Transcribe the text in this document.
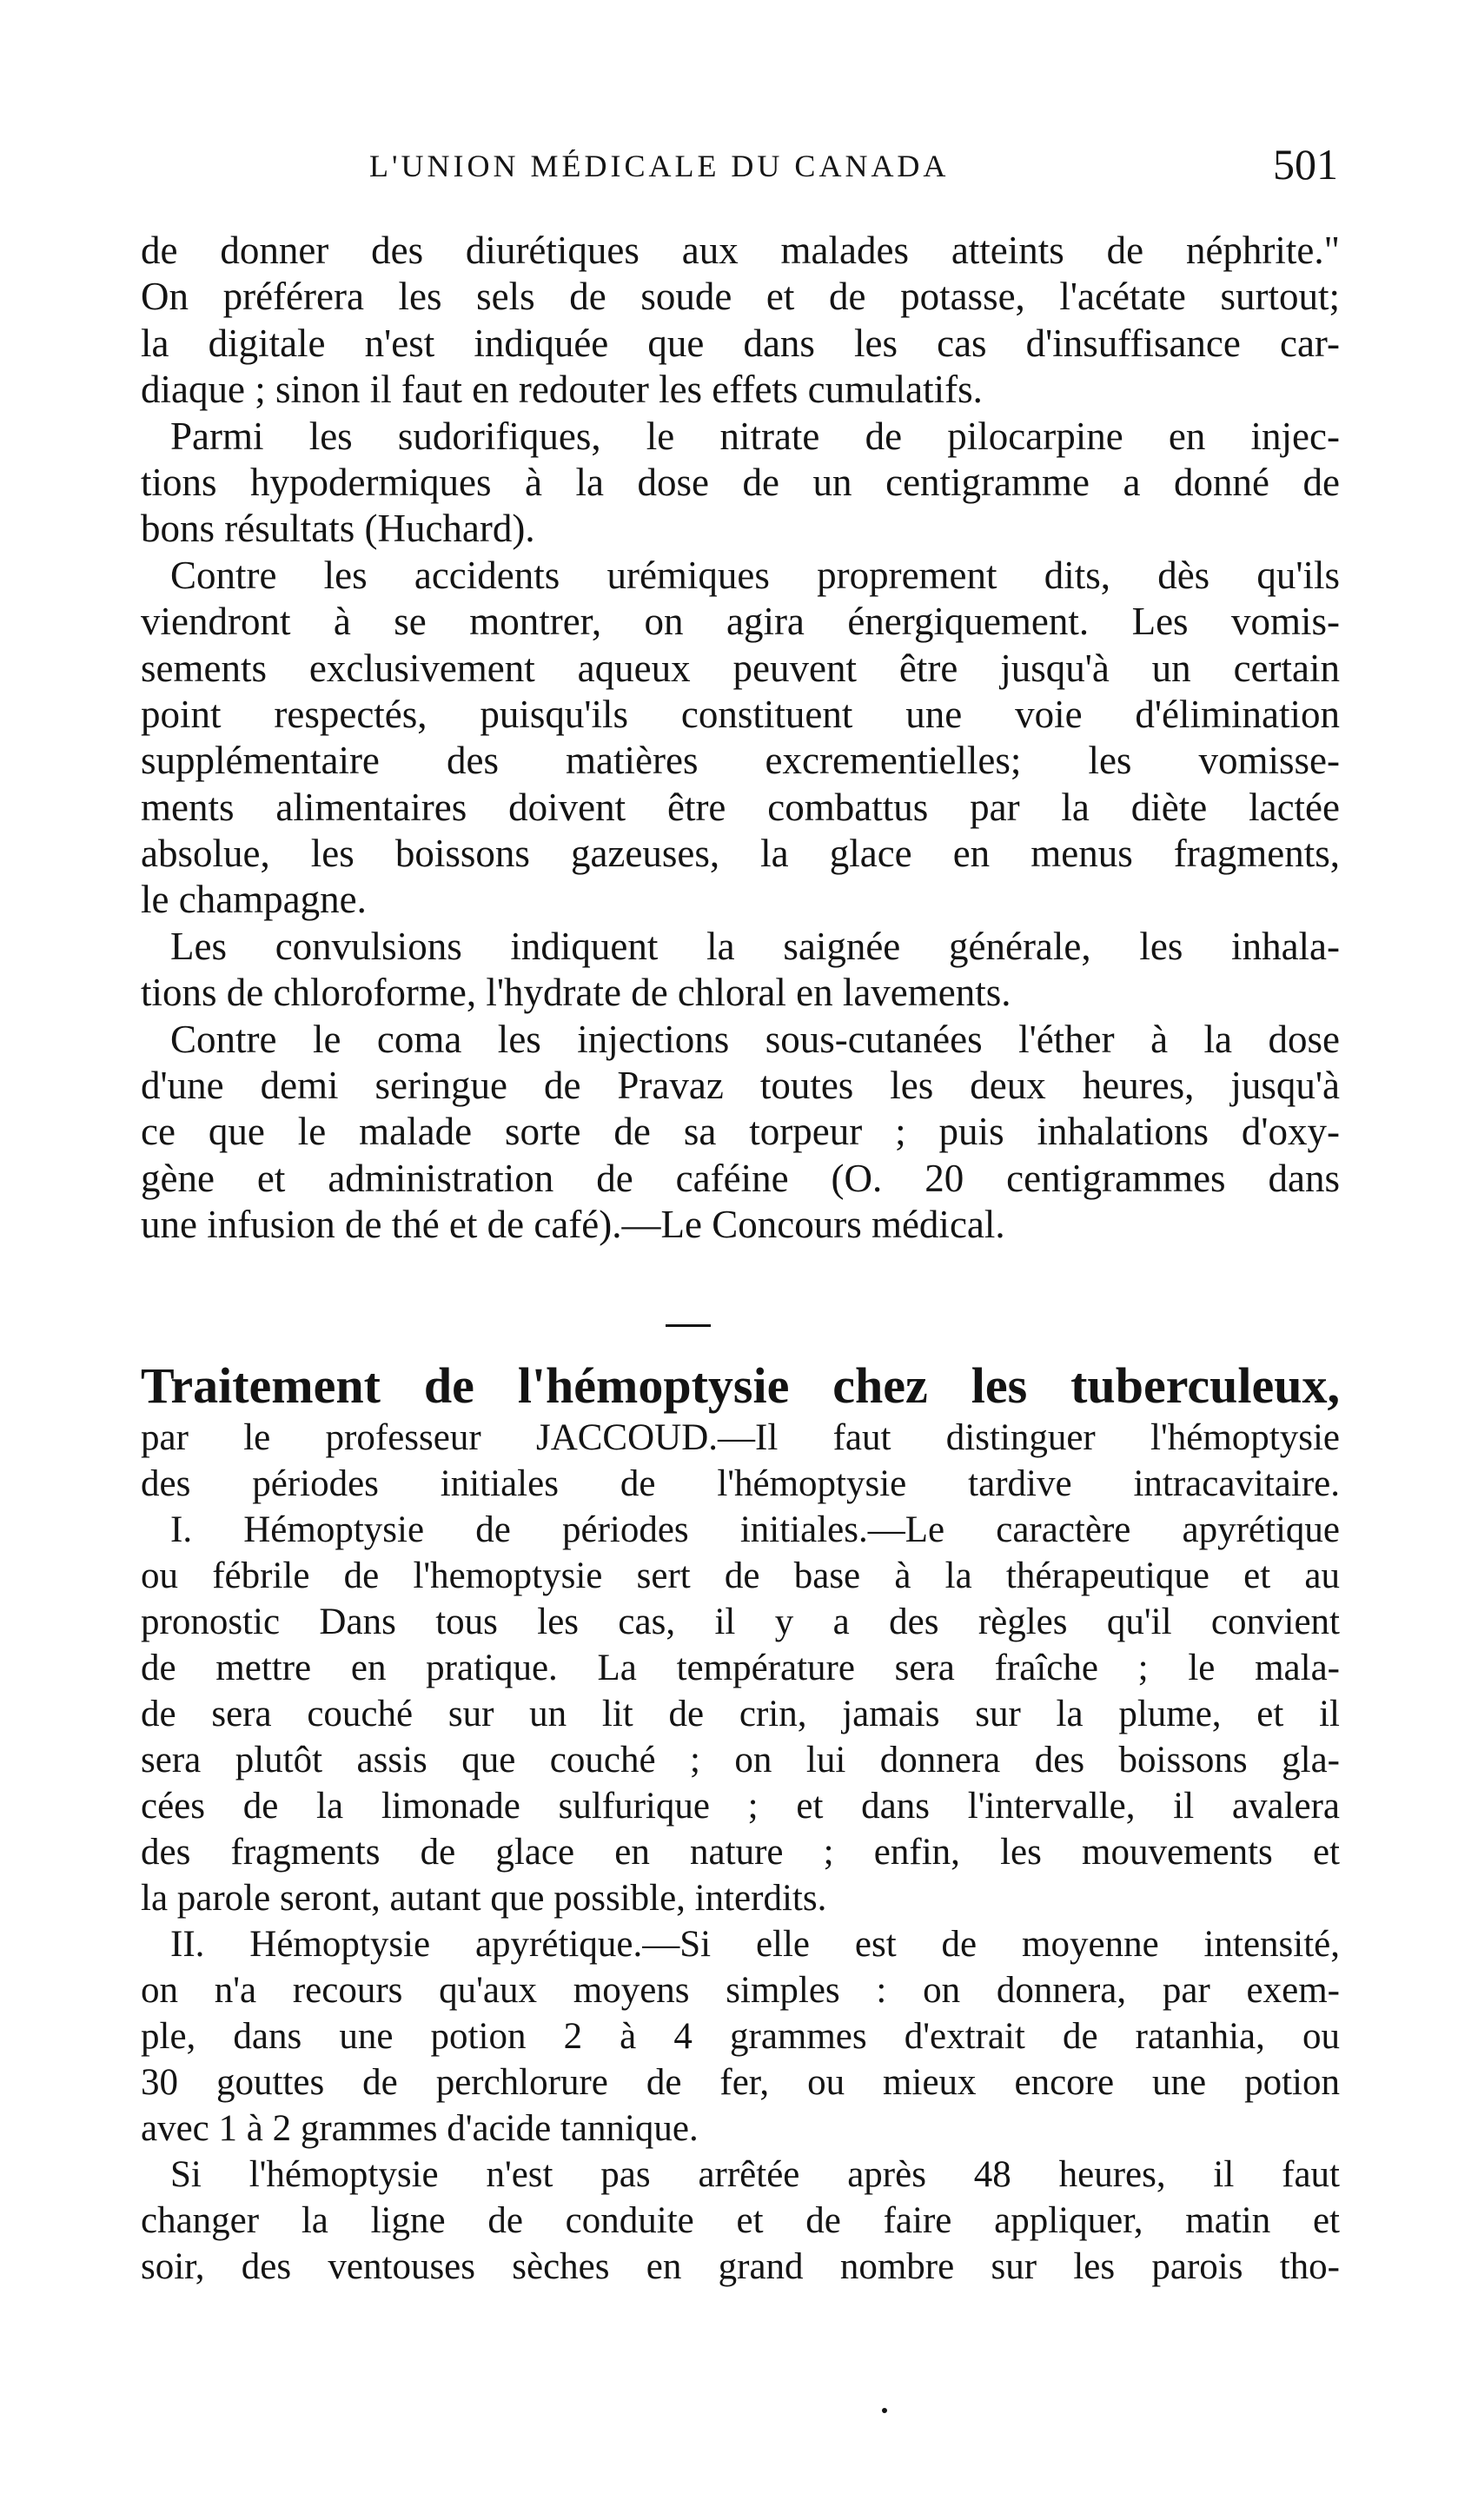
L'UNION MÉDICALE DU CANADA	501
de donner des diurétiques aux malades atteints de néphrite."
On préférera les sels de soude et de potasse, l'acétate surtout;
la digitale n'est indiquée que dans les cas d'insuffisance car-
diaque ; sinon il faut en redouter les effets cumulatifs.
Parmi les sudorifiques, le nitrate de pilocarpine en injec-
tions hypodermiques à la dose de un centigramme a donné de
bons résultats (Huchard).
Contre les accidents urémiques proprement dits, dès qu'ils
viendront à se montrer, on agira énergiquement. Les vomis-
sements exclusivement aqueux peuvent être jusqu'à un certain
point respectés, puisqu'ils constituent une voie d'élimination
supplémentaire des matières excrementielles; les vomisse-
ments alimentaires doivent être combattus par la diète lactée
absolue, les boissons gazeuses, la glace en menus fragments,
le champagne.
Les convulsions indiquent la saignée générale, les inhala-
tions de chloroforme, l'hydrate de chloral en lavements.
Contre le coma les injections sous-cutanées l'éther à la dose
d'une demi seringue de Pravaz toutes les deux heures, jusqu'à
ce que le malade sorte de sa torpeur ; puis inhalations d'oxy-
gène et administration de caféine (O. 20 centigrammes dans
une infusion de thé et de café).—Le Concours médical.
Traitement de l'hémoptysie chez les tuberculeux,
par le professeur JACCOUD.—Il faut distinguer l'hémoptysie
des périodes initiales de l'hémoptysie tardive intracavitaire.
I. Hémoptysie de périodes initiales.—Le caractère apyrétique
ou fébrile de l'hemoptysie sert de base à la thérapeutique et au
pronostic Dans tous les cas, il y a des règles qu'il convient
de mettre en pratique. La température sera fraîche ; le mala-
de sera couché sur un lit de crin, jamais sur la plume, et il
sera plutôt assis que couché ; on lui donnera des boissons gla-
cées de la limonade sulfurique ; et dans l'intervalle, il avalera
des fragments de glace en nature ; enfin, les mouvements et
la parole seront, autant que possible, interdits.
II. Hémoptysie apyrétique.—Si elle est de moyenne intensité,
on n'a recours qu'aux moyens simples : on donnera, par exem-
ple, dans une potion 2 à 4 grammes d'extrait de ratanhia, ou
30 gouttes de perchlorure de fer, ou mieux encore une potion
avec 1 à 2 grammes d'acide tannique.
Si l'hémoptysie n'est pas arrêtée après 48 heures, il faut
changer la ligne de conduite et de faire appliquer, matin et
soir, des ventouses sèches en grand nombre sur les parois tho-
